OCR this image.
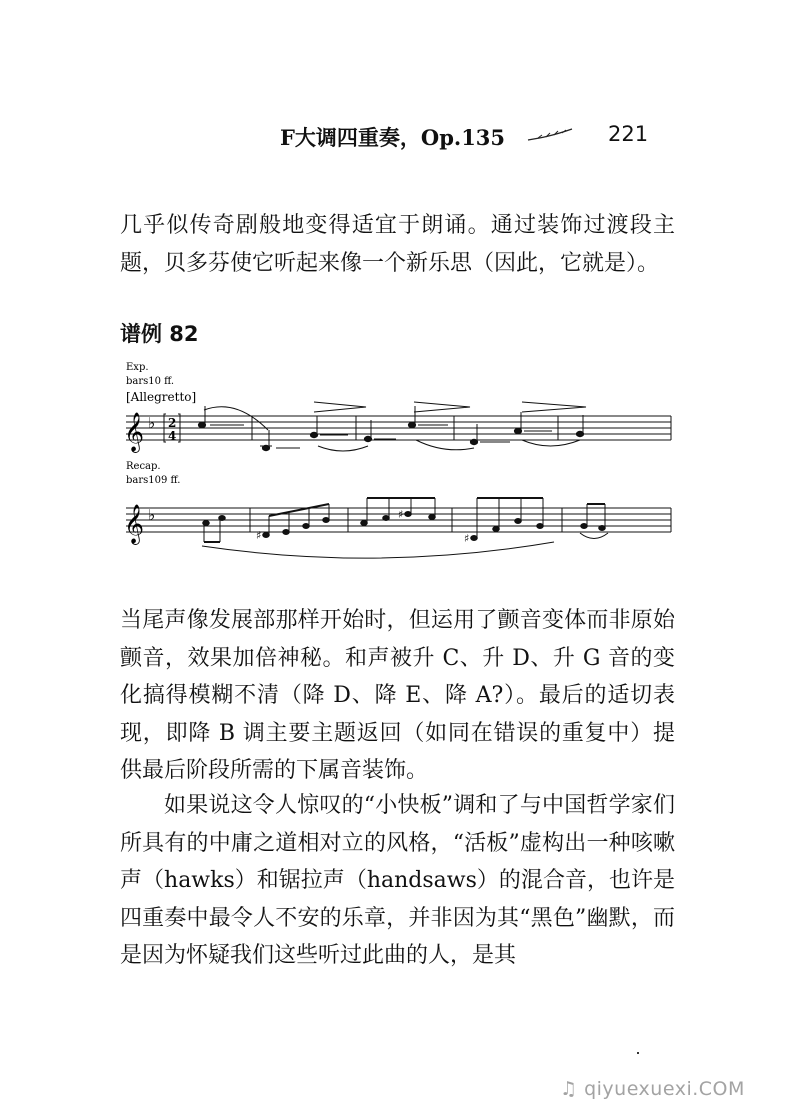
F大调四重奏，Op.135	221
几乎似传奇剧般地变得适宜于朗诵。通过装饰过渡段主题，贝多芬使它听起来像一个新乐思（因此，它就是）。
谱例 82
Exp.
bars10 ff.
[Allegretto]
𝄞 ♭ 2
4
Recap.
bars109 ff.
𝄞 ♭
♯
♯
♯
当尾声像发展部那样开始时，但运用了颤音变体而非原始颤音，效果加倍神秘。和声被升 C、升 D、升 G 音的变化搞得模糊不清（降 D、降 E、降 A?）。最后的适切表现，即降 B 调主要主题返回（如同在错误的重复中）提供最后阶段所需的下属音装饰。
如果说这令人惊叹的“小快板”调和了与中国哲学家们所具有的中庸之道相对立的风格，“活板”虚构出一种咳嗽声（hawks）和锯拉声（handsaws）的混合音，也许是四重奏中最令人不安的乐章，并非因为其“黑色”幽默，而是因为怀疑我们这些听过此曲的人，是其
♫ qiyuexuexi.COM
